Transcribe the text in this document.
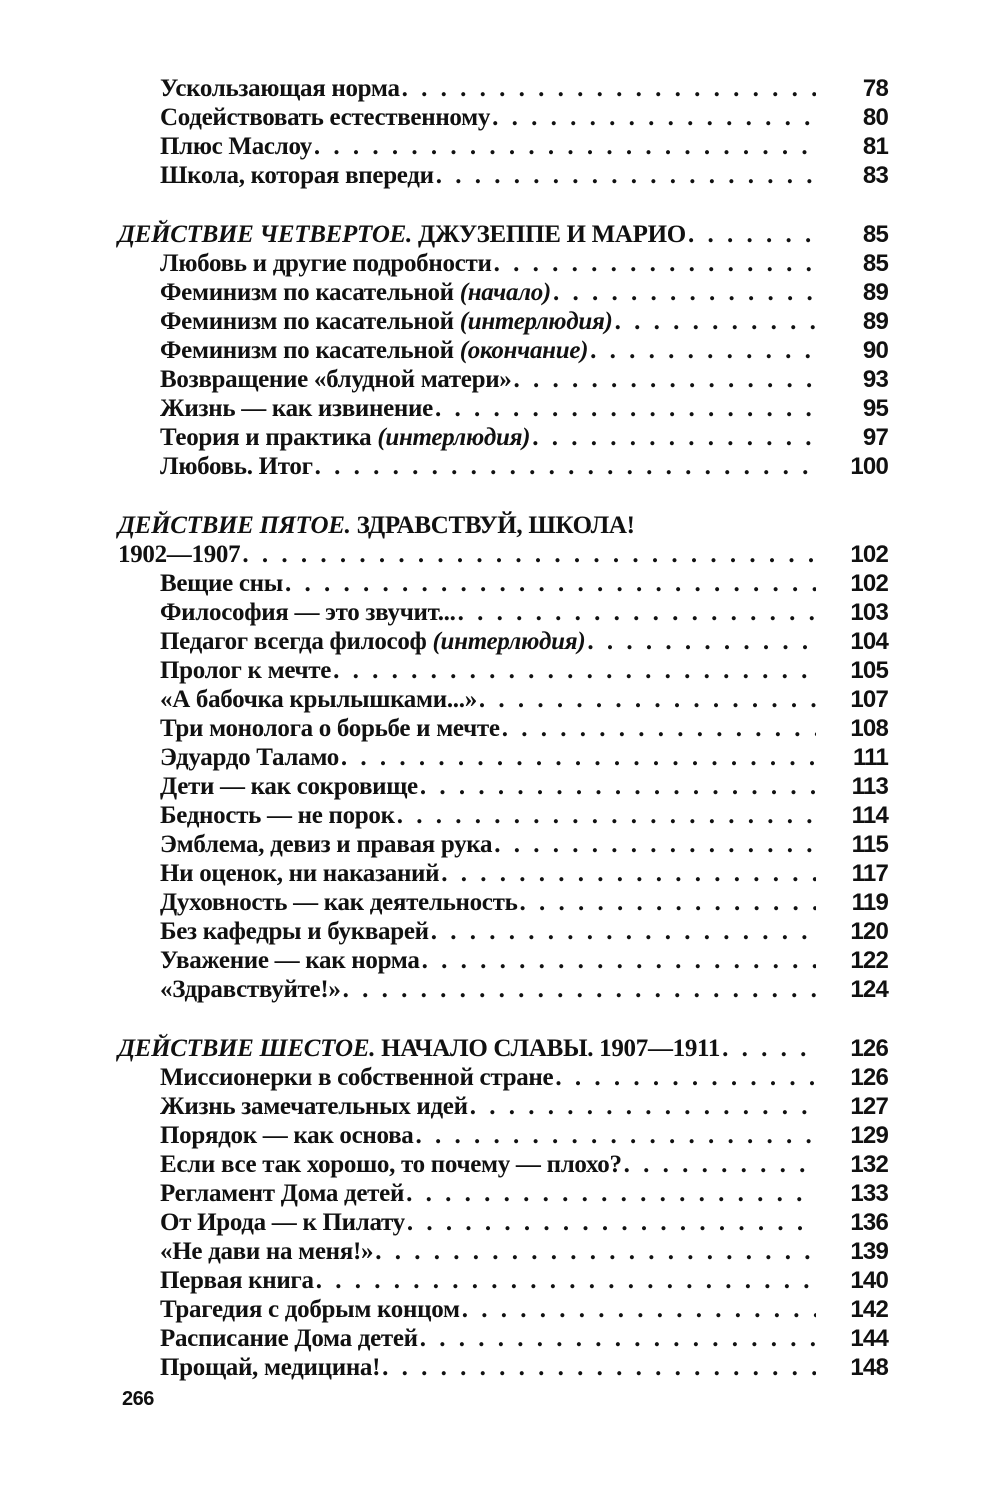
Ускользающая норма . . .	78
Содействовать естественному . . .	80
Плюс Маслоу . . .	81
Школа, которая впереди . . .	83
ДЕЙСТВИЕ ЧЕТВЕРТОЕ. ДЖУЗЕППЕ И МАРИО . . .	85
Любовь и другие подробности . . .	85
Феминизм по касательной (начало) . . .	89
Феминизм по касательной (интерлюдия) . . .	89
Феминизм по касательной (окончание) . . .	90
Возвращение «блудной матери» . . .	93
Жизнь — как извинение . . .	95
Теория и практика (интерлюдия) . . .	97
Любовь. Итог . . .	100
ДЕЙСТВИЕ ПЯТОЕ. ЗДРАВСТВУЙ, ШКОЛА!
1902—1907 . . .	102
Вещие сны . . .	102
Философия — это звучит... . . .	103
Педагог всегда философ (интерлюдия) . . .	104
Пролог к мечте . . .	105
«А бабочка крылышками...» . . .	107
Три монолога о борьбе и мечте . . .	108
Эдуардо Таламо . . .	111
Дети — как сокровище . . .	113
Бедность — не порок . . .	114
Эмблема, девиз и правая рука . . .	115
Ни оценок, ни наказаний . . .	117
Духовность — как деятельность . . .	119
Без кафедры и букварей . . .	120
Уважение — как норма . . .	122
«Здравствуйте!» . . .	124
ДЕЙСТВИЕ ШЕСТОЕ. НАЧАЛО СЛАВЫ. 1907—1911 . . .	126
Миссионерки в собственной стране . . .	126
Жизнь замечательных идей . . .	127
Порядок — как основа . . .	129
Если все так хорошо, то почему — плохо? . . .	132
Регламент Дома детей . . .	133
От Ирода — к Пилату . . .	136
«Не дави на меня!» . . .	139
Первая книга . . .	140
Трагедия с добрым концом . . .	142
Расписание Дома детей . . .	144
Прощай, медицина! . . .	148
266
